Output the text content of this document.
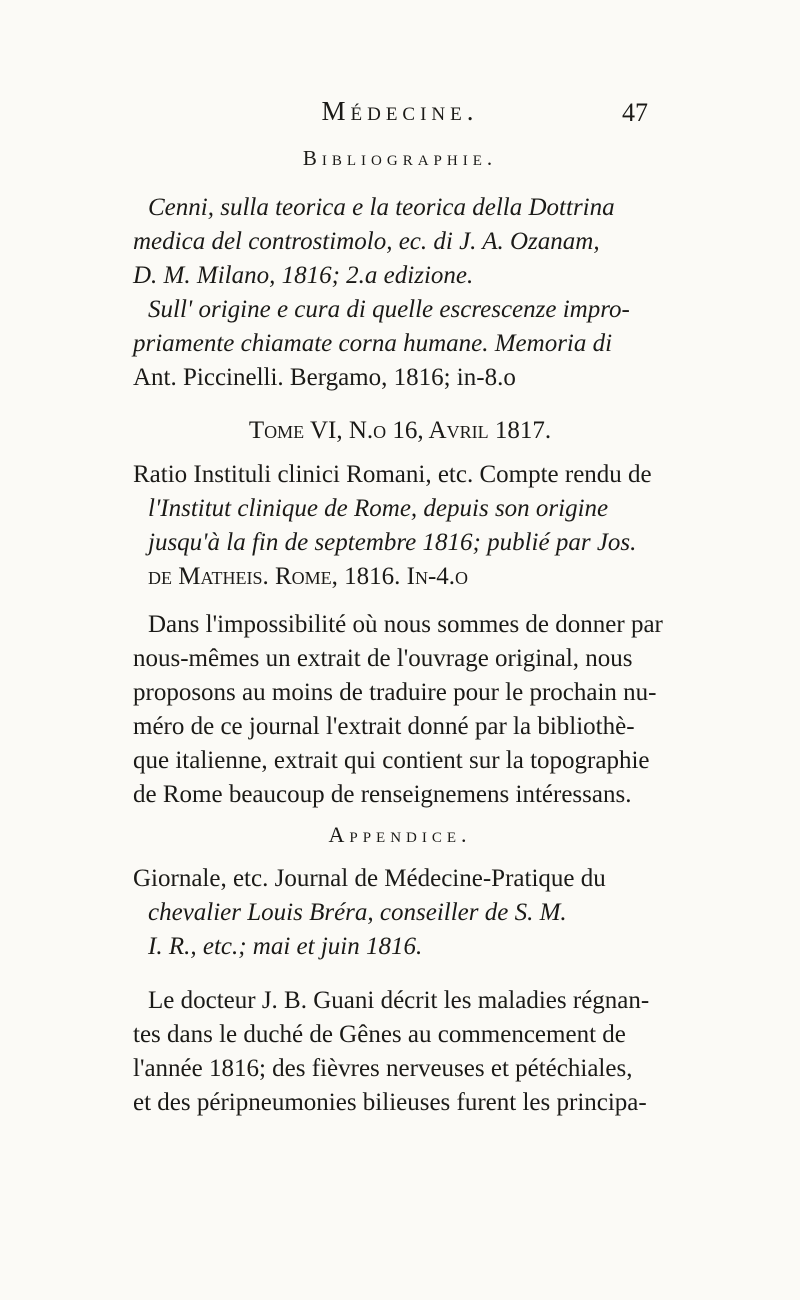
Médecine.	47
Bibliographie.
Cenni, sulla teorica e la teorica della Dottrina
medica del controstimolo, ec. di J. A. Ozanam,
D. M. Milano, 1816; 2.a edizione.
Sull' origine e cura di quelle escrescenze impro-
priamente chiamate corna humane. Memoria di
Ant. Piccinelli. Bergamo, 1816; in-8.o
Tome VI, N.o 16, Avril 1817.
Ratio Instituli clinici Romani, etc. Compte rendu de
l'Institut clinique de Rome, depuis son origine
jusqu'à la fin de septembre 1816; publié par Jos.
de Matheis. Rome, 1816. In-4.o
Dans l'impossibilité où nous sommes de donner par
nous-mêmes un extrait de l'ouvrage original, nous
proposons au moins de traduire pour le prochain nu-
méro de ce journal l'extrait donné par la bibliothè-
que italienne, extrait qui contient sur la topographie
de Rome beaucoup de renseignemens intéressans.
Appendice.
Giornale, etc. Journal de Médecine-Pratique du
chevalier Louis Bréra, conseiller de S. M.
I. R., etc.; mai et juin 1816.
Le docteur J. B. Guani décrit les maladies régnan-
tes dans le duché de Gênes au commencement de
l'année 1816; des fièvres nerveuses et pétéchiales,
et des péripneumonies bilieuses furent les principa-
